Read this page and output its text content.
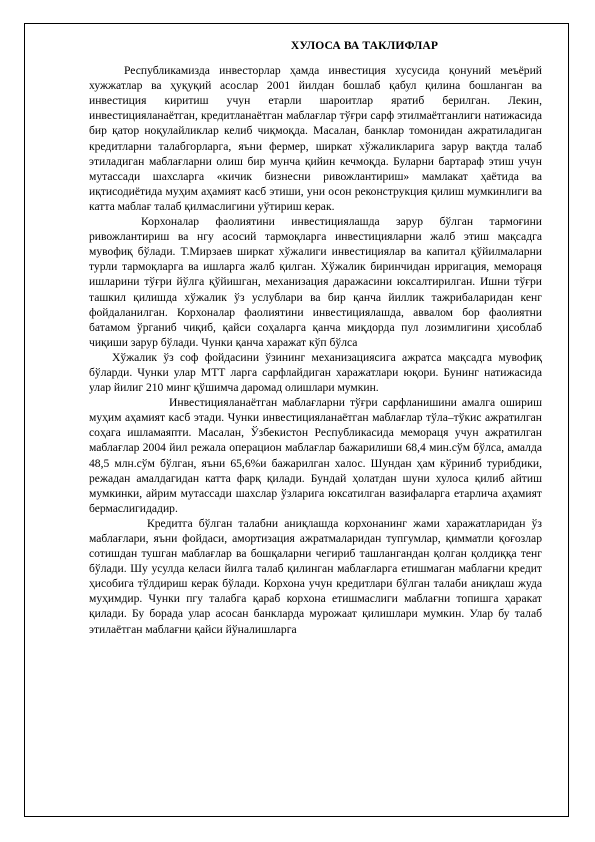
ХУЛОСА ВА ТАКЛИФЛАР

Республикамизда инвесторлар ҳамда инвестиция хусусида қонуний меъёрий хужжатлар ва ҳуқуқий асослар 2001 йилдан бошлаб қабул қилина бошланган ва инвестиция киритиш учун етарли шароитлар яратиб берилган. Лекин, инвестицияланаётган, кредитланаётган маблағлар тўғри сарф этилмаётганлиги натижасида бир қатор ноқулайликлар келиб чиқмоқда. Масалан, банклар томонидан ажратиладиган кредитларни талабгорларга, яъни фермер, ширкат хўжаликларига зарур вақтда талаб этиладиган маблағларни олиш бир мунча қийин кечмоқда. Буларни бартараф этиш учун мутассади шахсларга «кичик бизнесни ривожлантириш» мамлакат ҳаётида ва иқтисодиётида муҳим аҳамият касб этиши, уни осон реконструкция қилиш мумкинлиги ва катта маблағ талаб қилмаслигини уўтириш керак.

Корхоналар фаолиятини инвестициялашда зарур бўлган тармоғини ривожлантириш ва нгу асосий тармоқларга инвестицияларни жалб этиш мақсадга мувофиқ бўлади. Т.Мирзаев ширкат хўжалиги инвестициялар ва капитал қўйилмаларни турли тармоқларга ва ишларга жалб қилган. Хўжалик биринчидан ирригация, мемораця ишларини тўғри йўлга қўйишган, механизация даражасини юксалтирилган. Ишни тўғри ташкил қилишда хўжалик ўз услублари ва бир қанча йиллик тажрибаларидан кенг фойдаланилган. Корхоналар фаолиятини инвестициялашда, аввалом бор фаолиятни батамом ўрганиб чиқиб, қайси соҳаларга қанча миқдорда пул лозимлигини ҳисоблаб чиқиши зарур бўлади. Чунки қанча харажат кўп бўлса

Хўжалик ўз соф фойдасини ўзининг механизациясига ажратса мақсадга мувофиқ бўларди. Чунки улар МТТ ларга сарфлайдиган харажатлари юқори. Бунинг натижасида улар йилиг 210 минг қўшимча даромад олишлари мумкин.

Инвестицияланаётган маблағларни тўғри сарфланишини амалга ошириш муҳим аҳамият касб этади. Чунки инвестицияланаётган маблағлар тўла–тўкис ажратилган соҳага ишламаяпти. Масалан, Ўзбекистон Республикасида мемораця учун ажратилган маблағлар 2004 йил режала операцион маблағлар бажарилиши 68,4 мин.сўм бўлса, амалда 48,5 млн.сўм бўлган, яъни 65,6%и бажарилган халос. Шундан ҳам кўриниб турибдики, режадан амалдагидан катта фарқ қилади. Бундай ҳолатдан шуни хулоса қилиб айтиш мумкинки, айрим мутассади шахслар ўзларига юксатилган вазифаларга етарлича аҳамият бермаслигидадир.

Кредитга бўлган талабни аниқлашда корхонанинг жами харажатларидан ўз маблағлари, яъни фойдаси, амортизация ажратмаларидан тупгумлар, қимматли қоғозлар сотишдан тушган маблағлар ва бошқаларни чегириб ташлангандан қолган қолдиққа тенг бўлади. Шу усулда келаси йилга талаб қилинган маблағларга етишмаган маблағни кредит ҳисобига тўлдириш керак бўлади. Корхона учун кредитлари бўлган талаби аниқлаш жуда муҳимдир. Чунки пгу талабга қараб корхона етишмаслиги маблағни топишга ҳаракат қилади. Бу борада улар асосан банкларда мурожаат қилишлари мумкин. Улар бу талаб этилаётган маблағни қайси йўналишларга
